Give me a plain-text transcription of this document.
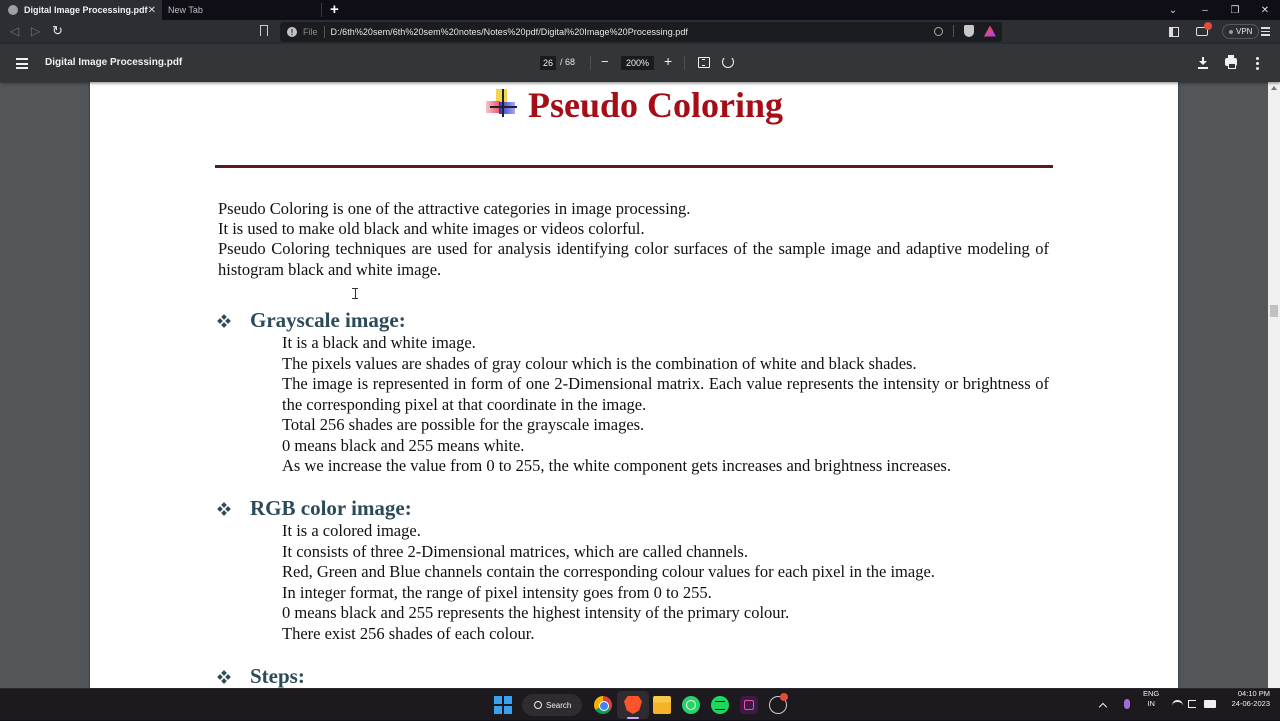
Digital Image Processing.pdf ✕ New Tab	+	⌄	–	❐	✕
◁ ▷ ↻	!	File D:/6th%20sem/6th%20sem%20notes/Notes%20pdf/Digital%20Image%20Processing.pdf	VPN
Digital Image Processing.pdf	26 / 68 −	200%	+
Pseudo Coloring
Pseudo Coloring is one of the attractive categories in image processing.
It is used to make old black and white images or videos colorful.
Pseudo Coloring techniques are used for analysis identifying color surfaces of the sample image and adaptive modeling of histogram black and white image.
Grayscale image:
It is a black and white image.
The pixels values are shades of gray colour which is the combination of white and black shades.
The image is represented in form of one 2-Dimensional matrix. Each value represents the intensity or brightness of the corresponding pixel at that coordinate in the image.
Total 256 shades are possible for the grayscale images.
0 means black and 255 means white.
As we increase the value from 0 to 255, the white component gets increases and brightness increases.
RGB color image:
It is a colored image.
It consists of three 2-Dimensional matrices, which are called channels.
Red, Green and Blue channels contain the corresponding colour values for each pixel in the image.
In integer format, the range of pixel intensity goes from 0 to 255.
0 means black and 255 represents the highest intensity of the primary colour.
There exist 256 shades of each colour.
Steps:
Search
ENG
IN
04:10 PM
24-06-2023
